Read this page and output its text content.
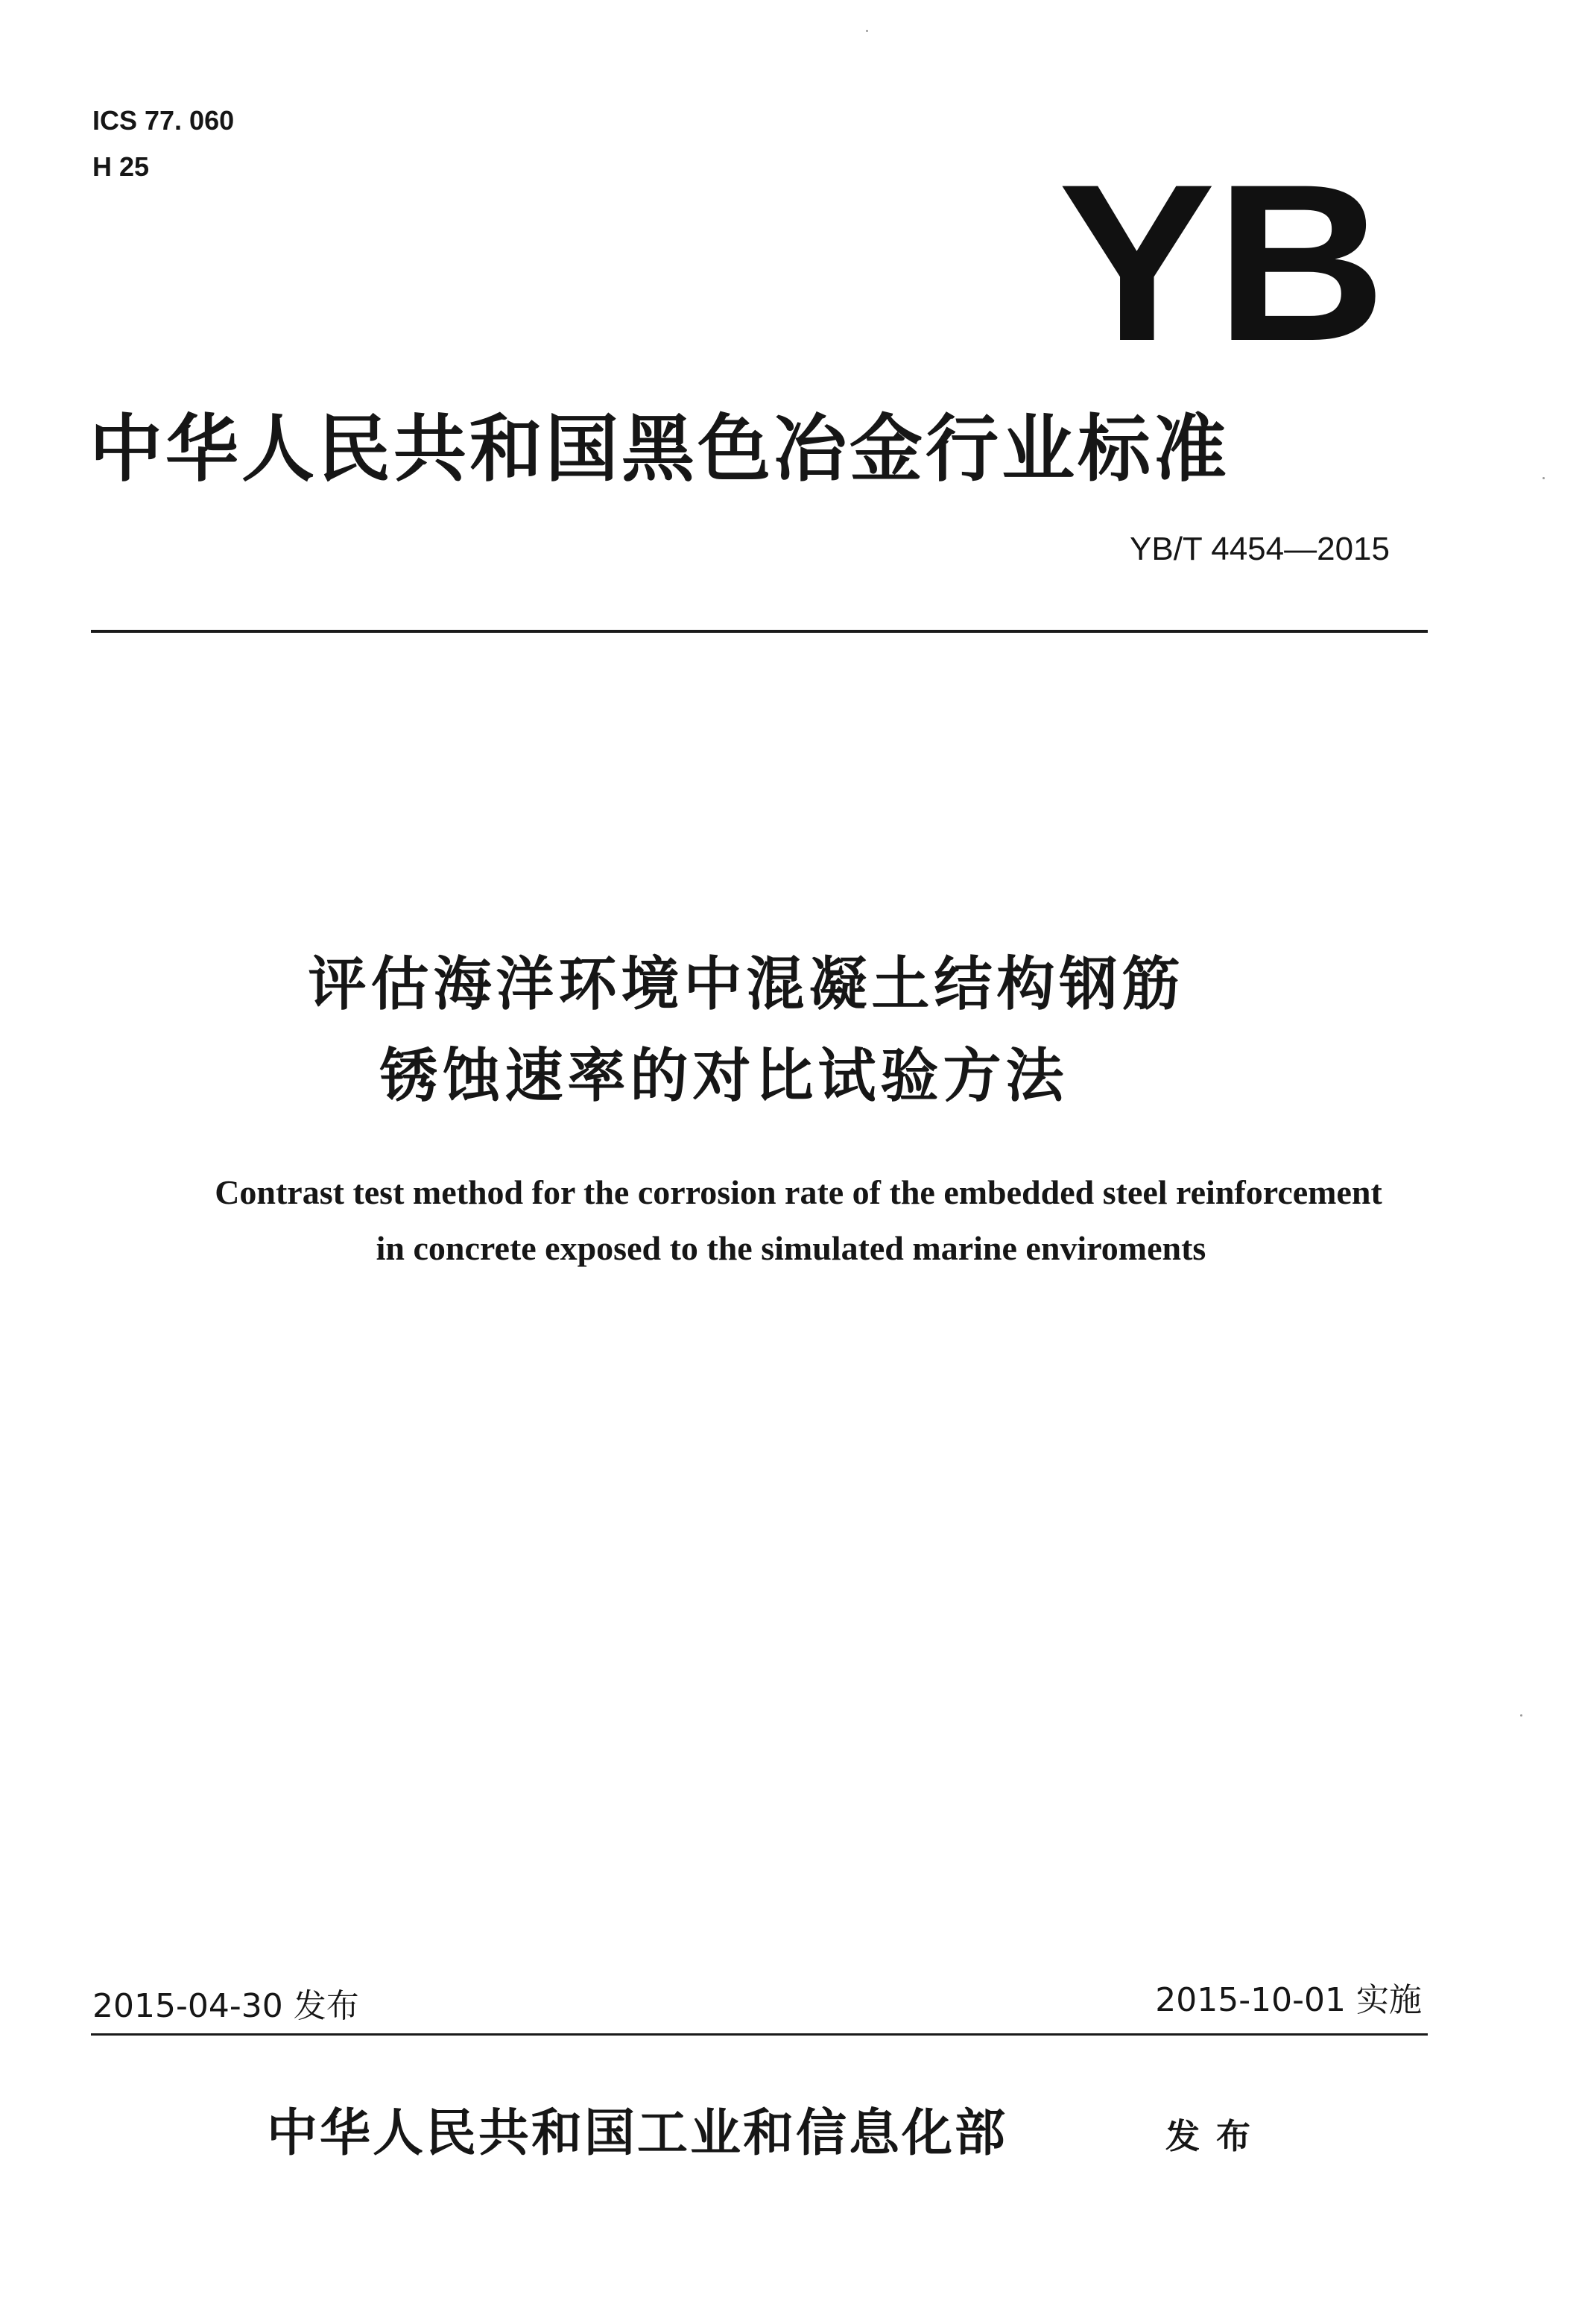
ICS 77. 060
H 25	YB
中华人民共和国黑色冶金行业标准
YB/T 4454—2015
评估海洋环境中混凝土结构钢筋
锈蚀速率的对比试验方法
Contrast test method for the corrosion rate of the embedded steel reinforcement
in concrete exposed to the simulated marine enviroments
2015-04-30 发布	2015-10-01 实施
中华人民共和国工业和信息化部	发布
